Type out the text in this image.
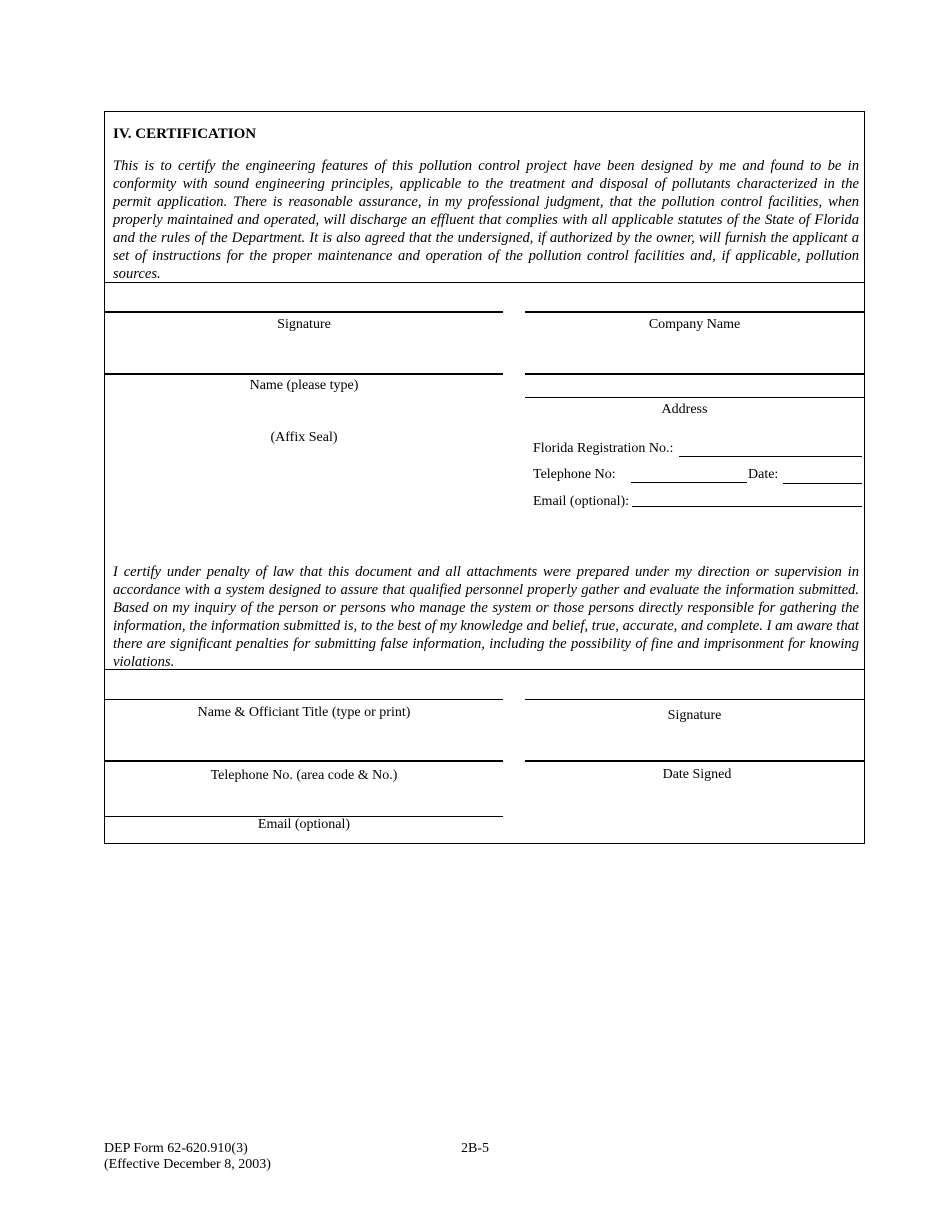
IV. CERTIFICATION

This is to certify the engineering features of this pollution control project have been designed by me and found to be in conformity with sound engineering principles, applicable to the treatment and disposal of pollutants characterized in the permit application. There is reasonable assurance, in my professional judgment, that the pollution control facilities, when properly maintained and operated, will discharge an effluent that complies with all applicable statutes of the State of Florida and the rules of the Department. It is also agreed that the undersigned, if authorized by the owner, will furnish the applicant a set of instructions for the proper maintenance and operation of the pollution control facilities and, if applicable, pollution sources.

Signature	Company Name
Name (please type)
Address
(Affix Seal)
Florida Registration No.:
Telephone No:	Date:
Email (optional):

I certify under penalty of law that this document and all attachments were prepared under my direction or supervision in accordance with a system designed to assure that qualified personnel properly gather and evaluate the information submitted. Based on my inquiry of the person or persons who manage the system or those persons directly responsible for gathering the information, the information submitted is, to the best of my knowledge and belief, true, accurate, and complete. I am aware that there are significant penalties for submitting false information, including the possibility of fine and imprisonment for knowing violations.

Name & Officiant Title (type or print)	Signature
Telephone No. (area code & No.)	Date Signed
Email (optional)
DEP Form 62-620.910(3)
(Effective December 8, 2003)
2B-5
